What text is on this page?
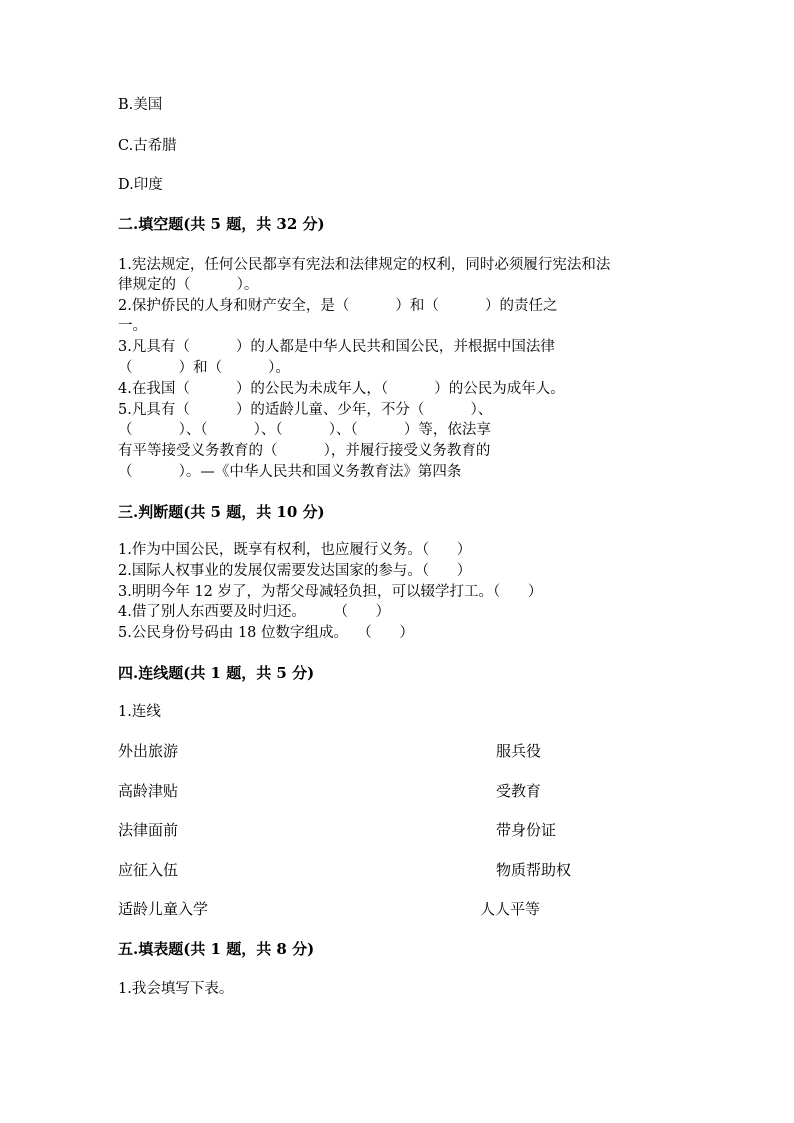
B.美国
C.古希腊
D.印度
二.填空题(共 5 题，共 32 分)
1.宪法规定，任何公民都享有宪法和法律规定的权利，同时必须履行宪法和法
律规定的（          ）。
2.保护侨民的人身和财产安全，是（          ）和（          ）的责任之
一。
3.凡具有（          ）的人都是中华人民共和国公民，并根据中国法律
（          ）和（          ）。
4.在我国（          ）的公民为未成年人，（          ）的公民为成年人。
5.凡具有（          ）的适龄儿童、少年，不分（          ）、
（          ）、（          ）、（          ）、（          ）等，依法享
有平等接受义务教育的（          ），并履行接受义务教育的
（          ）。—《中华人民共和国义务教育法》第四条
三.判断题(共 5 题，共 10 分)
1.作为中国公民，既享有权利，也应履行义务。（      ）
2.国际人权事业的发展仅需要发达国家的参与。（      ）
3.明明今年 12 岁了，为帮父母减轻负担，可以辍学打工。（      ）
4.借了别人东西要及时归还。      （      ）
5.公民身份号码由 18 位数字组成。  （      ）
四.连线题(共 1 题，共 5 分)
1.连线
外出旅游	服兵役
高龄津贴	受教育
法律面前	带身份证
应征入伍	物质帮助权
适龄儿童入学	人人平等
五.填表题(共 1 题，共 8 分)
1.我会填写下表。
